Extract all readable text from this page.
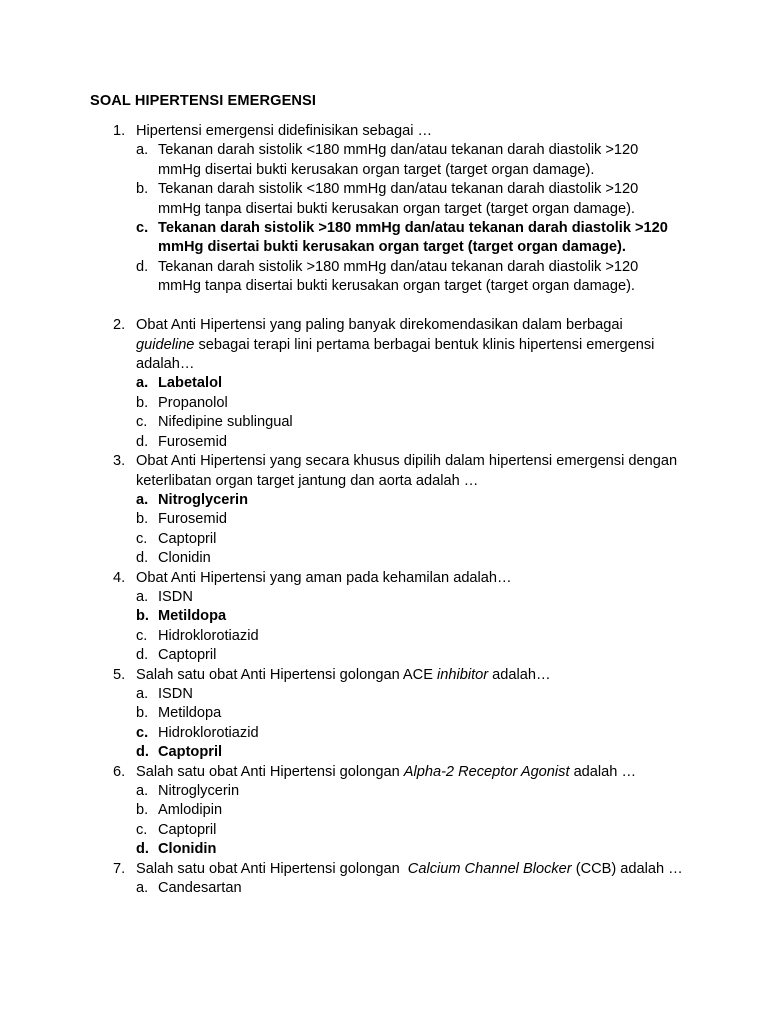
SOAL HIPERTENSI EMERGENSI
1. Hipertensi emergensi didefinisikan sebagai …
a. Tekanan darah sistolik <180 mmHg dan/atau tekanan darah diastolik >120 mmHg disertai bukti kerusakan organ target (target organ damage).
b. Tekanan darah sistolik <180 mmHg dan/atau tekanan darah diastolik >120 mmHg tanpa disertai bukti kerusakan organ target (target organ damage).
c. Tekanan darah sistolik >180 mmHg dan/atau tekanan darah diastolik >120 mmHg disertai bukti kerusakan organ target (target organ damage).
d. Tekanan darah sistolik >180 mmHg dan/atau tekanan darah diastolik >120 mmHg tanpa disertai bukti kerusakan organ target (target organ damage).
2. Obat Anti Hipertensi yang paling banyak direkomendasikan dalam berbagai guideline sebagai terapi lini pertama berbagai bentuk klinis hipertensi emergensi adalah…
a. Labetalol
b. Propanolol
c. Nifedipine sublingual
d. Furosemid
3. Obat Anti Hipertensi yang secara khusus dipilih dalam hipertensi emergensi dengan keterlibatan organ target jantung dan aorta adalah …
a. Nitroglycerin
b. Furosemid
c. Captopril
d. Clonidin
4. Obat Anti Hipertensi yang aman pada kehamilan adalah…
a. ISDN
b. Metildopa
c. Hidroklorotiazid
d. Captopril
5. Salah satu obat Anti Hipertensi golongan ACE inhibitor adalah…
a. ISDN
b. Metildopa
c. Hidroklorotiazid
d. Captopril
6. Salah satu obat Anti Hipertensi golongan Alpha-2 Receptor Agonist adalah …
a. Nitroglycerin
b. Amlodipin
c. Captopril
d. Clonidin
7. Salah satu obat Anti Hipertensi golongan  Calcium Channel Blocker (CCB) adalah …
a. Candesartan
